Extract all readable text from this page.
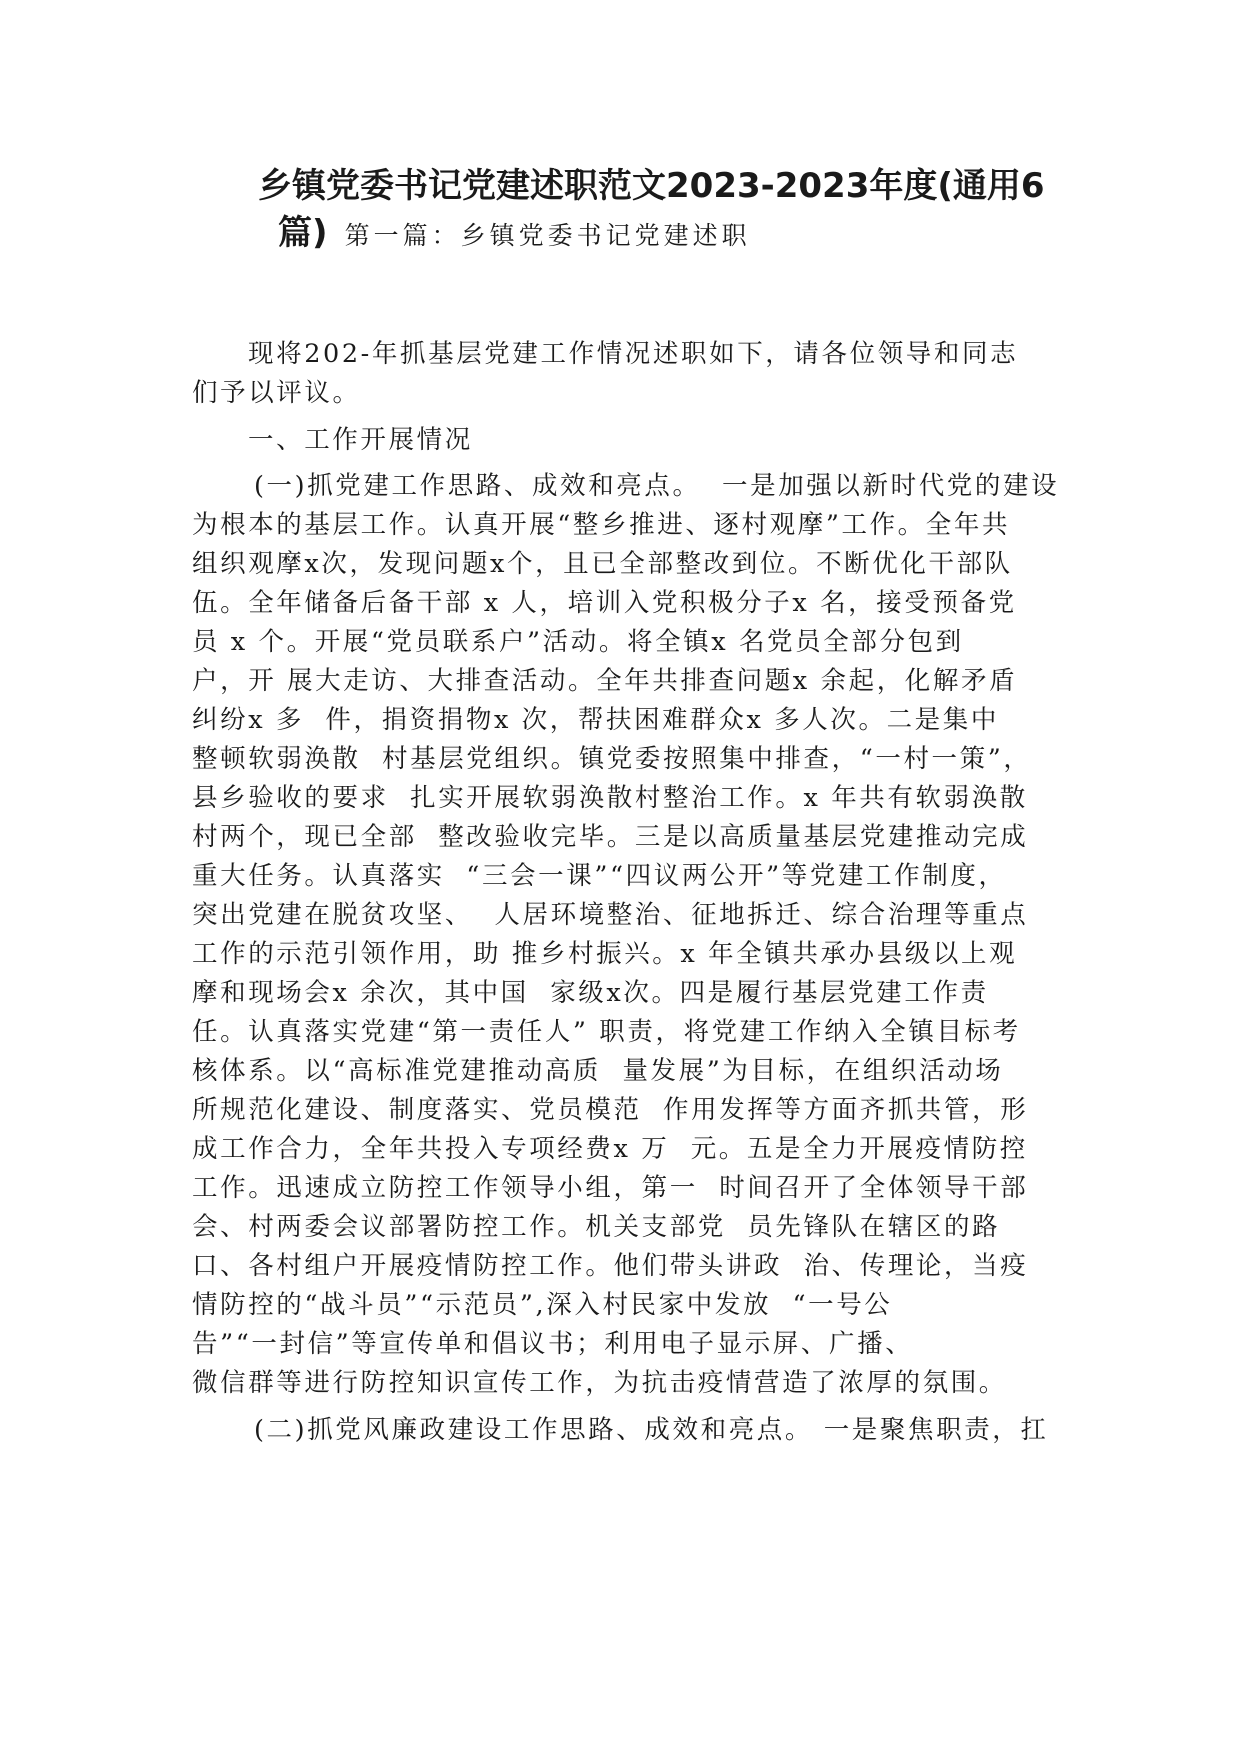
乡镇党委书记党建述职范文2023-2023年度(通用6
篇) 第一篇：乡镇党委书记党建述职
现将202-年抓基层党建工作情况述职如下，请各位领导和同志
们予以评议。
一、工作开展情况
(一)抓党建工作思路、成效和亮点。  一是加强以新时代党的建设
为根本的基层工作。认真开展“整乡推进、逐村观摩”工作。全年共
组织观摩x次，发现问题x个，且已全部整改到位。不断优化干部队
伍。全年储备后备干部 x 人，培训入党积极分子x 名，接受预备党
员 x 个。开展“党员联系户”活动。将全镇x 名党员全部分包到
户，开 展大走访、大排查活动。全年共排查问题x 余起，化解矛盾
纠纷x 多  件，捐资捐物x 次，帮扶困难群众x 多人次。二是集中
整顿软弱涣散  村基层党组织。镇党委按照集中排查，“一村一策”，
县乡验收的要求  扎实开展软弱涣散村整治工作。x 年共有软弱涣散
村两个，现已全部  整改验收完毕。三是以高质量基层党建推动完成
重大任务。认真落实  “三会一课”“四议两公开”等党建工作制度，
突出党建在脱贫攻坚、  人居环境整治、征地拆迁、综合治理等重点
工作的示范引领作用，助 推乡村振兴。x 年全镇共承办县级以上观
摩和现场会x 余次，其中国  家级x次。四是履行基层党建工作责
任。认真落实党建“第一责任人” 职责，将党建工作纳入全镇目标考
核体系。以“高标准党建推动高质  量发展”为目标，在组织活动场
所规范化建设、制度落实、党员模范  作用发挥等方面齐抓共管，形
成工作合力，全年共投入专项经费x 万  元。五是全力开展疫情防控
工作。迅速成立防控工作领导小组，第一  时间召开了全体领导干部
会、村两委会议部署防控工作。机关支部党  员先锋队在辖区的路
口、各村组户开展疫情防控工作。他们带头讲政  治、传理论，当疫
情防控的“战斗员”“示范员”,深入村民家中发放  “一号公
告”“一封信”等宣传单和倡议书；利用电子显示屏、广播、
微信群等进行防控知识宣传工作，为抗击疫情营造了浓厚的氛围。
(二)抓党风廉政建设工作思路、成效和亮点。 一是聚焦职责，扛
